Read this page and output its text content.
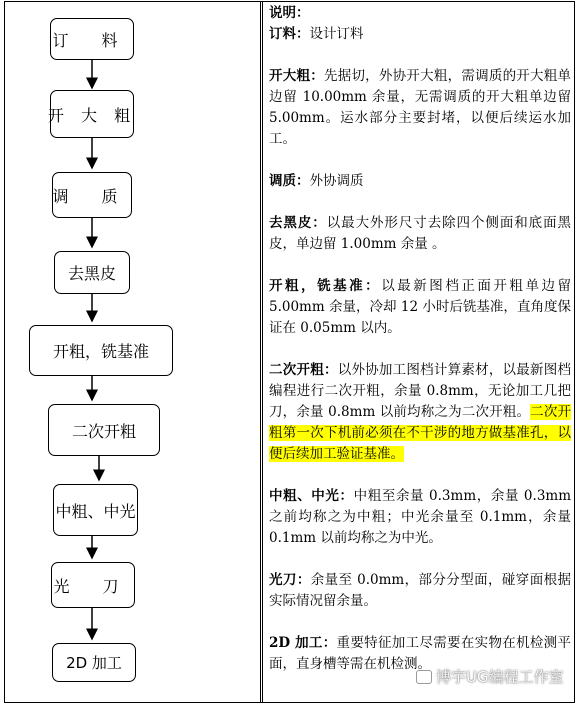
订 料
开 大 粗
调 质
去黑皮
开粗，铣基准
二次开粗
中粗、中光
光 刀
2D 加工

说明：

订料：设计订料

开大粗：先据切，外协开大粗，需调质的开大粗单边留 10.00mm 余量，无需调质的开大粗单边留 5.00mm。运水部分主要封堵，以便后续运水加工。

调质：外协调质

去黑皮：以最大外形尺寸去除四个侧面和底面黑皮，单边留 1.00mm 余量 。

开粗，铣基准：以最新图档正面开粗单边留 5.00mm 余量，冷却 12 小时后铣基准，直角度保证在 0.05mm 以内。

二次开粗：以外协加工图档计算素材，以最新图档编程进行二次开粗，余量 0.8mm，无论加工几把刀，余量 0.8mm 以前均称之为二次开粗。二次开粗第一次下机前必须在不干涉的地方做基准孔，以便后续加工验证基准。

中粗、中光：中粗至余量 0.3mm，余量 0.3mm 之前均称之为中粗；中光余量至 0.1mm，余量 0.1mm 以前均称之为中光。

光刀：余量至 0.0mm，部分分型面，碰穿面根据实际情况留余量。

2D 加工：重要特征加工尽需要在实物在机检测平面，直身槽等需在机检测。

博宇UG编程工作室
